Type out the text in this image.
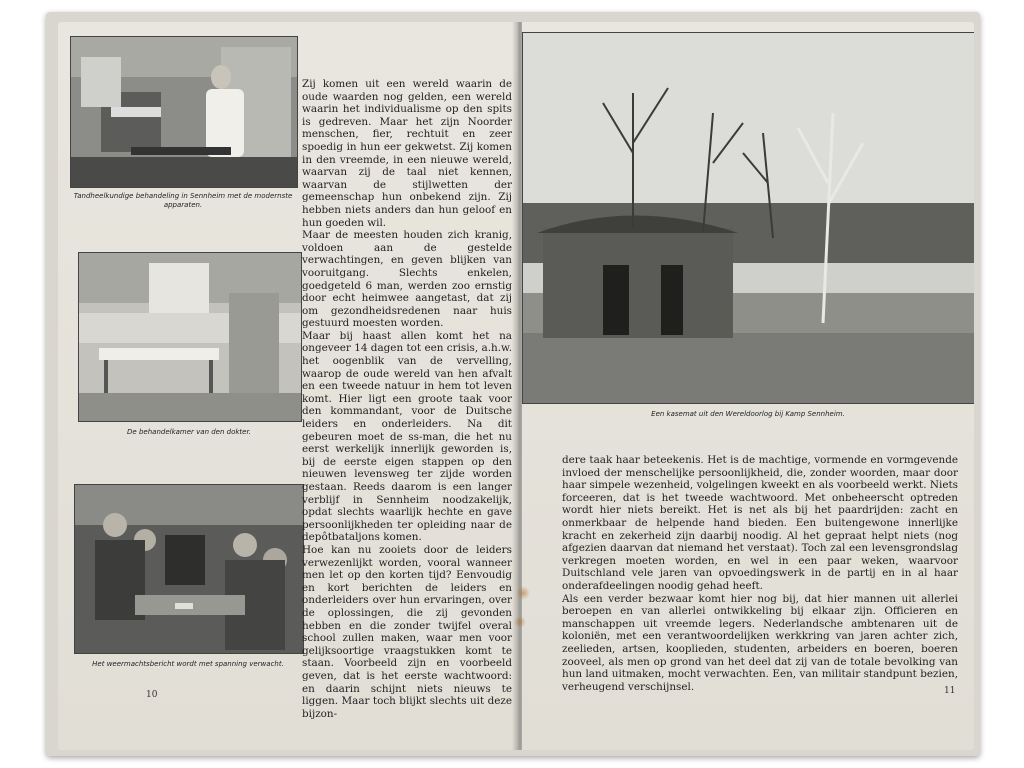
Tandheelkundige behandeling in Sennheim met de modernste apparaten.
De behandelkamer van den dokter.
Het weermachtsbericht wordt met spanning verwacht.

Zij komen uit een wereld waarin de oude waarden nog gelden, een wereld waarin het individualisme op den spits is gedreven. Maar het zijn Noorder menschen, fier, rechtuit en zeer spoedig in hun eer gekwetst. Zij komen in den vreemde, in een nieuwe wereld, waarvan zij de taal niet kennen, waarvan de stijlwetten der gemeenschap hun onbekend zijn. Zij hebben niets anders dan hun geloof en hun goeden wil.
Maar de meesten houden zich kranig, voldoen aan de gestelde verwachtingen, en geven blijken van vooruitgang. Slechts enkelen, goedgeteld 6 man, werden zoo ernstig door echt heimwee aangetast, dat zij om gezondheidsredenen naar huis gestuurd moesten worden.
Maar bij haast allen komt het na ongeveer 14 dagen tot een crisis, a.h.w. het oogenblik van de vervelling, waarop de oude wereld van hen afvalt en een tweede natuur in hem tot leven komt. Hier ligt een groote taak voor den kommandant, voor de Duitsche leiders en onderleiders. Na dit gebeuren moet de ss-man, die het nu eerst werkelijk innerlijk geworden is, bij de eerste eigen stappen op den nieuwen levensweg ter zijde worden gestaan. Reeds daarom is een langer verblijf in Sennheim noodzakelijk, opdat slechts waarlijk hechte en gave persoonlijkheden ter opleiding naar de depôtbataljons komen.
Hoe kan nu zooiets door de leiders verwezenlijkt worden, vooral wanneer men let op den korten tijd? Eenvoudig en kort berichten de leiders en onderleiders over hun ervaringen, over de oplossingen, die zij gevonden hebben en die zonder twijfel overal school zullen maken, waar men voor gelijksoortige vraagstukken komt te staan. Voorbeeld zijn en voorbeeld geven, dat is het eerste wachtwoord: en daarin schijnt niets nieuws te liggen. Maar toch blijkt slechts uit deze bijzon-

10
Een kasemat uit den Wereldoorlog bij Kamp Sennheim.

dere taak haar beteekenis. Het is de machtige, vormende en vormgevende invloed der menschelijke persoonlijkheid, die, zonder woorden, maar door haar simpele wezenheid, volgelingen kweekt en als voorbeeld werkt. Niets forceeren, dat is het tweede wachtwoord. Met onbeheerscht optreden wordt hier niets bereikt. Het is net als bij het paardrijden: zacht en onmerkbaar de helpende hand bieden. Een buitengewone innerlijke kracht en zekerheid zijn daarbij noodig. Al het gepraat helpt niets (nog afgezien daarvan dat niemand het verstaat). Toch zal een levensgrondslag verkregen moeten worden, en wel in een paar weken, waarvoor Duitschland vele jaren van opvoedingswerk in de partij en in al haar onderafdeelingen noodig gehad heeft.
Als een verder bezwaar komt hier nog bij, dat hier mannen uit allerlei beroepen en van allerlei ontwikkeling bij elkaar zijn. Officieren en manschappen uit vreemde legers. Nederlandsche ambtenaren uit de koloniën, met een verantwoordelijken werkkring van jaren achter zich, zeelieden, artsen, kooplieden, studenten, arbeiders en boeren, boeren zooveel, als men op grond van het deel dat zij van de totale bevolking van hun land uitmaken, mocht verwachten. Een, van militair standpunt bezien, verheugend verschijnsel.	11
